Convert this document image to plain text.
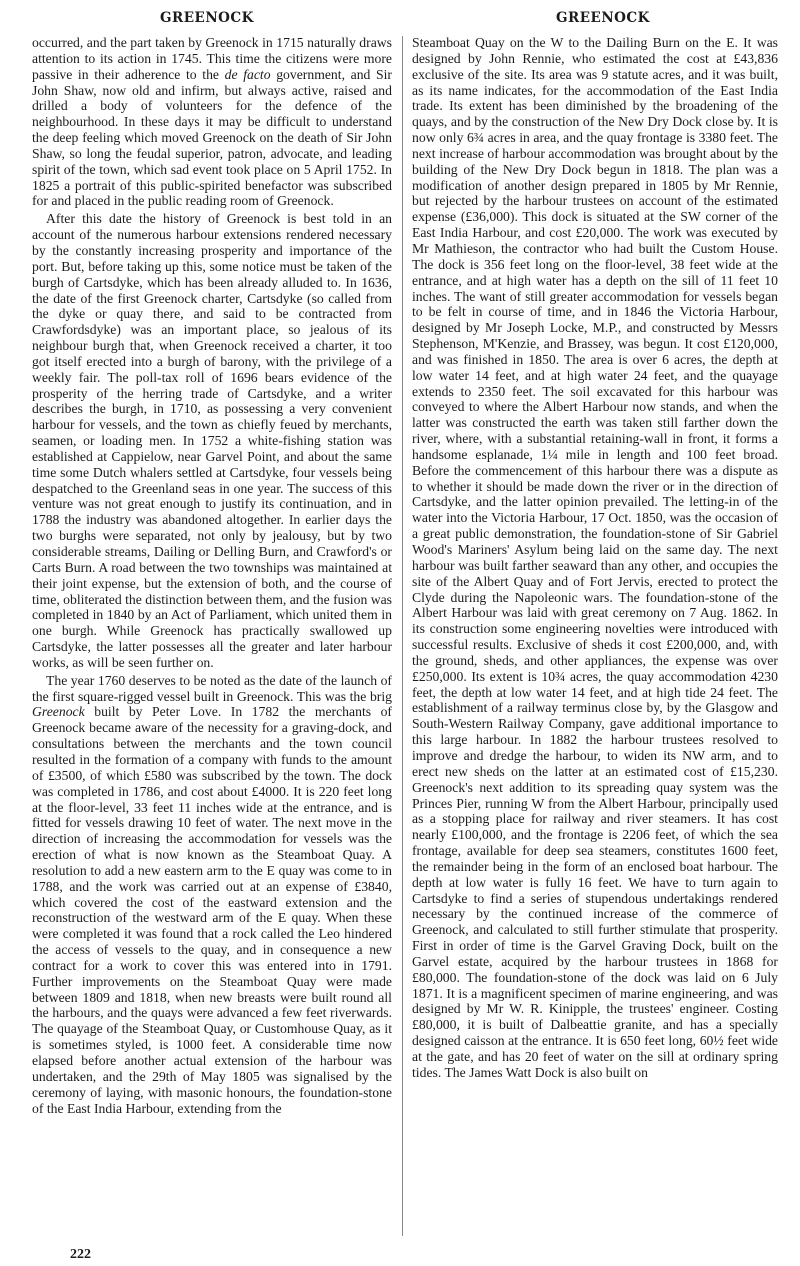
GREENOCK	GREENOCK

occurred, and the part taken by Greenock in 1715 naturally draws attention to its action in 1745. This time the citizens were more passive in their adherence to the de facto government, and Sir John Shaw, now old and infirm, but always active, raised and drilled a body of volunteers for the defence of the neighbourhood. In these days it may be difficult to understand the deep feeling which moved Greenock on the death of Sir John Shaw, so long the feudal superior, patron, advocate, and leading spirit of the town, which sad event took place on 5 April 1752. In 1825 a portrait of this public-spirited benefactor was subscribed for and placed in the public reading room of Greenock.

After this date the history of Greenock is best told in an account of the numerous harbour extensions rendered necessary by the constantly increasing prosperity and importance of the port. But, before taking up this, some notice must be taken of the burgh of Cartsdyke, which has been already alluded to. In 1636, the date of the first Greenock charter, Cartsdyke (so called from the dyke or quay there, and said to be contracted from Crawfordsdyke) was an important place, so jealous of its neighbour burgh that, when Greenock received a charter, it too got itself erected into a burgh of barony, with the privilege of a weekly fair. The poll-tax roll of 1696 bears evidence of the prosperity of the herring trade of Cartsdyke, and a writer describes the burgh, in 1710, as possessing a very convenient harbour for vessels, and the town as chiefly feued by merchants, seamen, or loading men. In 1752 a white-fishing station was established at Cappielow, near Garvel Point, and about the same time some Dutch whalers settled at Cartsdyke, four vessels being despatched to the Greenland seas in one year. The success of this venture was not great enough to justify its continuation, and in 1788 the industry was abandoned altogether. In earlier days the two burghs were separated, not only by jealousy, but by two considerable streams, Dailing or Delling Burn, and Crawford's or Carts Burn. A road between the two townships was maintained at their joint expense, but the extension of both, and the course of time, obliterated the distinction between them, and the fusion was completed in 1840 by an Act of Parliament, which united them in one burgh. While Greenock has practically swallowed up Cartsdyke, the latter possesses all the greater and later harbour works, as will be seen further on.

The year 1760 deserves to be noted as the date of the launch of the first square-rigged vessel built in Greenock. This was the brig Greenock built by Peter Love. In 1782 the merchants of Greenock became aware of the necessity for a graving-dock, and consultations between the merchants and the town council resulted in the formation of a company with funds to the amount of £3500, of which £580 was subscribed by the town. The dock was completed in 1786, and cost about £4000. It is 220 feet long at the floor-level, 33 feet 11 inches wide at the entrance, and is fitted for vessels drawing 10 feet of water. The next move in the direction of increasing the accommodation for vessels was the erection of what is now known as the Steamboat Quay. A resolution to add a new eastern arm to the E quay was come to in 1788, and the work was carried out at an expense of £3840, which covered the cost of the eastward extension and the reconstruction of the westward arm of the E quay. When these were completed it was found that a rock called the Leo hindered the access of vessels to the quay, and in consequence a new contract for a work to cover this was entered into in 1791. Further improvements on the Steamboat Quay were made between 1809 and 1818, when new breasts were built round all the harbours, and the quays were advanced a few feet riverwards. The quayage of the Steamboat Quay, or Customhouse Quay, as it is sometimes styled, is 1000 feet. A considerable time now elapsed before another actual extension of the harbour was undertaken, and the 29th of May 1805 was signalised by the ceremony of laying, with masonic honours, the foundation-stone of the East India Harbour, extending from the

Steamboat Quay on the W to the Dailing Burn on the E. It was designed by John Rennie, who estimated the cost at £43,836 exclusive of the site. Its area was 9 statute acres, and it was built, as its name indicates, for the accommodation of the East India trade. Its extent has been diminished by the broadening of the quays, and by the construction of the New Dry Dock close by. It is now only 6¾ acres in area, and the quay frontage is 3380 feet. The next increase of harbour accommodation was brought about by the building of the New Dry Dock begun in 1818. The plan was a modification of another design prepared in 1805 by Mr Rennie, but rejected by the harbour trustees on account of the estimated expense (£36,000). This dock is situated at the SW corner of the East India Harbour, and cost £20,000. The work was executed by Mr Mathieson, the contractor who had built the Custom House. The dock is 356 feet long on the floor-level, 38 feet wide at the entrance, and at high water has a depth on the sill of 11 feet 10 inches. The want of still greater accommodation for vessels began to be felt in course of time, and in 1846 the Victoria Harbour, designed by Mr Joseph Locke, M.P., and constructed by Messrs Stephenson, M'Kenzie, and Brassey, was begun. It cost £120,000, and was finished in 1850. The area is over 6 acres, the depth at low water 14 feet, and at high water 24 feet, and the quayage extends to 2350 feet. The soil excavated for this harbour was conveyed to where the Albert Harbour now stands, and when the latter was constructed the earth was taken still farther down the river, where, with a substantial retaining-wall in front, it forms a handsome esplanade, 1¼ mile in length and 100 feet broad. Before the commencement of this harbour there was a dispute as to whether it should be made down the river or in the direction of Cartsdyke, and the latter opinion prevailed. The letting-in of the water into the Victoria Harbour, 17 Oct. 1850, was the occasion of a great public demonstration, the foundation-stone of Sir Gabriel Wood's Mariners' Asylum being laid on the same day. The next harbour was built farther seaward than any other, and occupies the site of the Albert Quay and of Fort Jervis, erected to protect the Clyde during the Napoleonic wars. The foundation-stone of the Albert Harbour was laid with great ceremony on 7 Aug. 1862. In its construction some engineering novelties were introduced with successful results. Exclusive of sheds it cost £200,000, and, with the ground, sheds, and other appliances, the expense was over £250,000. Its extent is 10¾ acres, the quay accommodation 4230 feet, the depth at low water 14 feet, and at high tide 24 feet. The establishment of a railway terminus close by, by the Glasgow and South-Western Railway Company, gave additional importance to this large harbour. In 1882 the harbour trustees resolved to improve and dredge the harbour, to widen its NW arm, and to erect new sheds on the latter at an estimated cost of £15,230. Greenock's next addition to its spreading quay system was the Princes Pier, running W from the Albert Harbour, principally used as a stopping place for railway and river steamers. It has cost nearly £100,000, and the frontage is 2206 feet, of which the sea frontage, available for deep sea steamers, constitutes 1600 feet, the remainder being in the form of an enclosed boat harbour. The depth at low water is fully 16 feet. We have to turn again to Cartsdyke to find a series of stupendous undertakings rendered necessary by the continued increase of the commerce of Greenock, and calculated to still further stimulate that prosperity. First in order of time is the Garvel Graving Dock, built on the Garvel estate, acquired by the harbour trustees in 1868 for £80,000. The foundation-stone of the dock was laid on 6 July 1871. It is a magnificent specimen of marine engineering, and was designed by Mr W. R. Kinipple, the trustees' engineer. Costing £80,000, it is built of Dalbeattie granite, and has a specially designed caisson at the entrance. It is 650 feet long, 60½ feet wide at the gate, and has 20 feet of water on the sill at ordinary spring tides. The James Watt Dock is also built on

222
